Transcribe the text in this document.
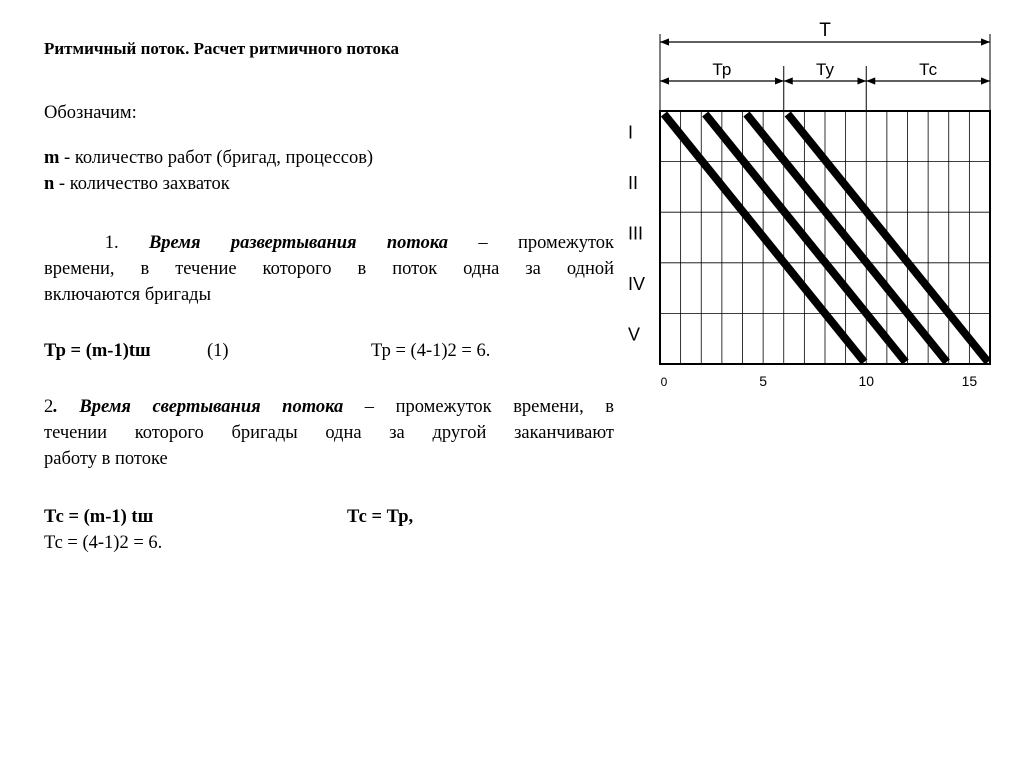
Ритмичный поток. Расчет ритмичного потока

Обозначим:

m - количество работ (бригад, процессов)
n - количество захваток
1. Время развертывания потока – промежуток
времени, в течение которого в поток одна за одной
включаются бригады
Тр = (m-1)tш	(1)	Тр = (4-1)2 = 6.
2. Время свертывания потока – промежуток времени, в
течении которого бригады одна за другой заканчивают
работу в потоке
Тс = (m-1) tш	Тс = Тр,
Тс = (4-1)2 = 6.
I
II
III
IV
V
0	5	10	15
T
Тр	Ту	Тс
